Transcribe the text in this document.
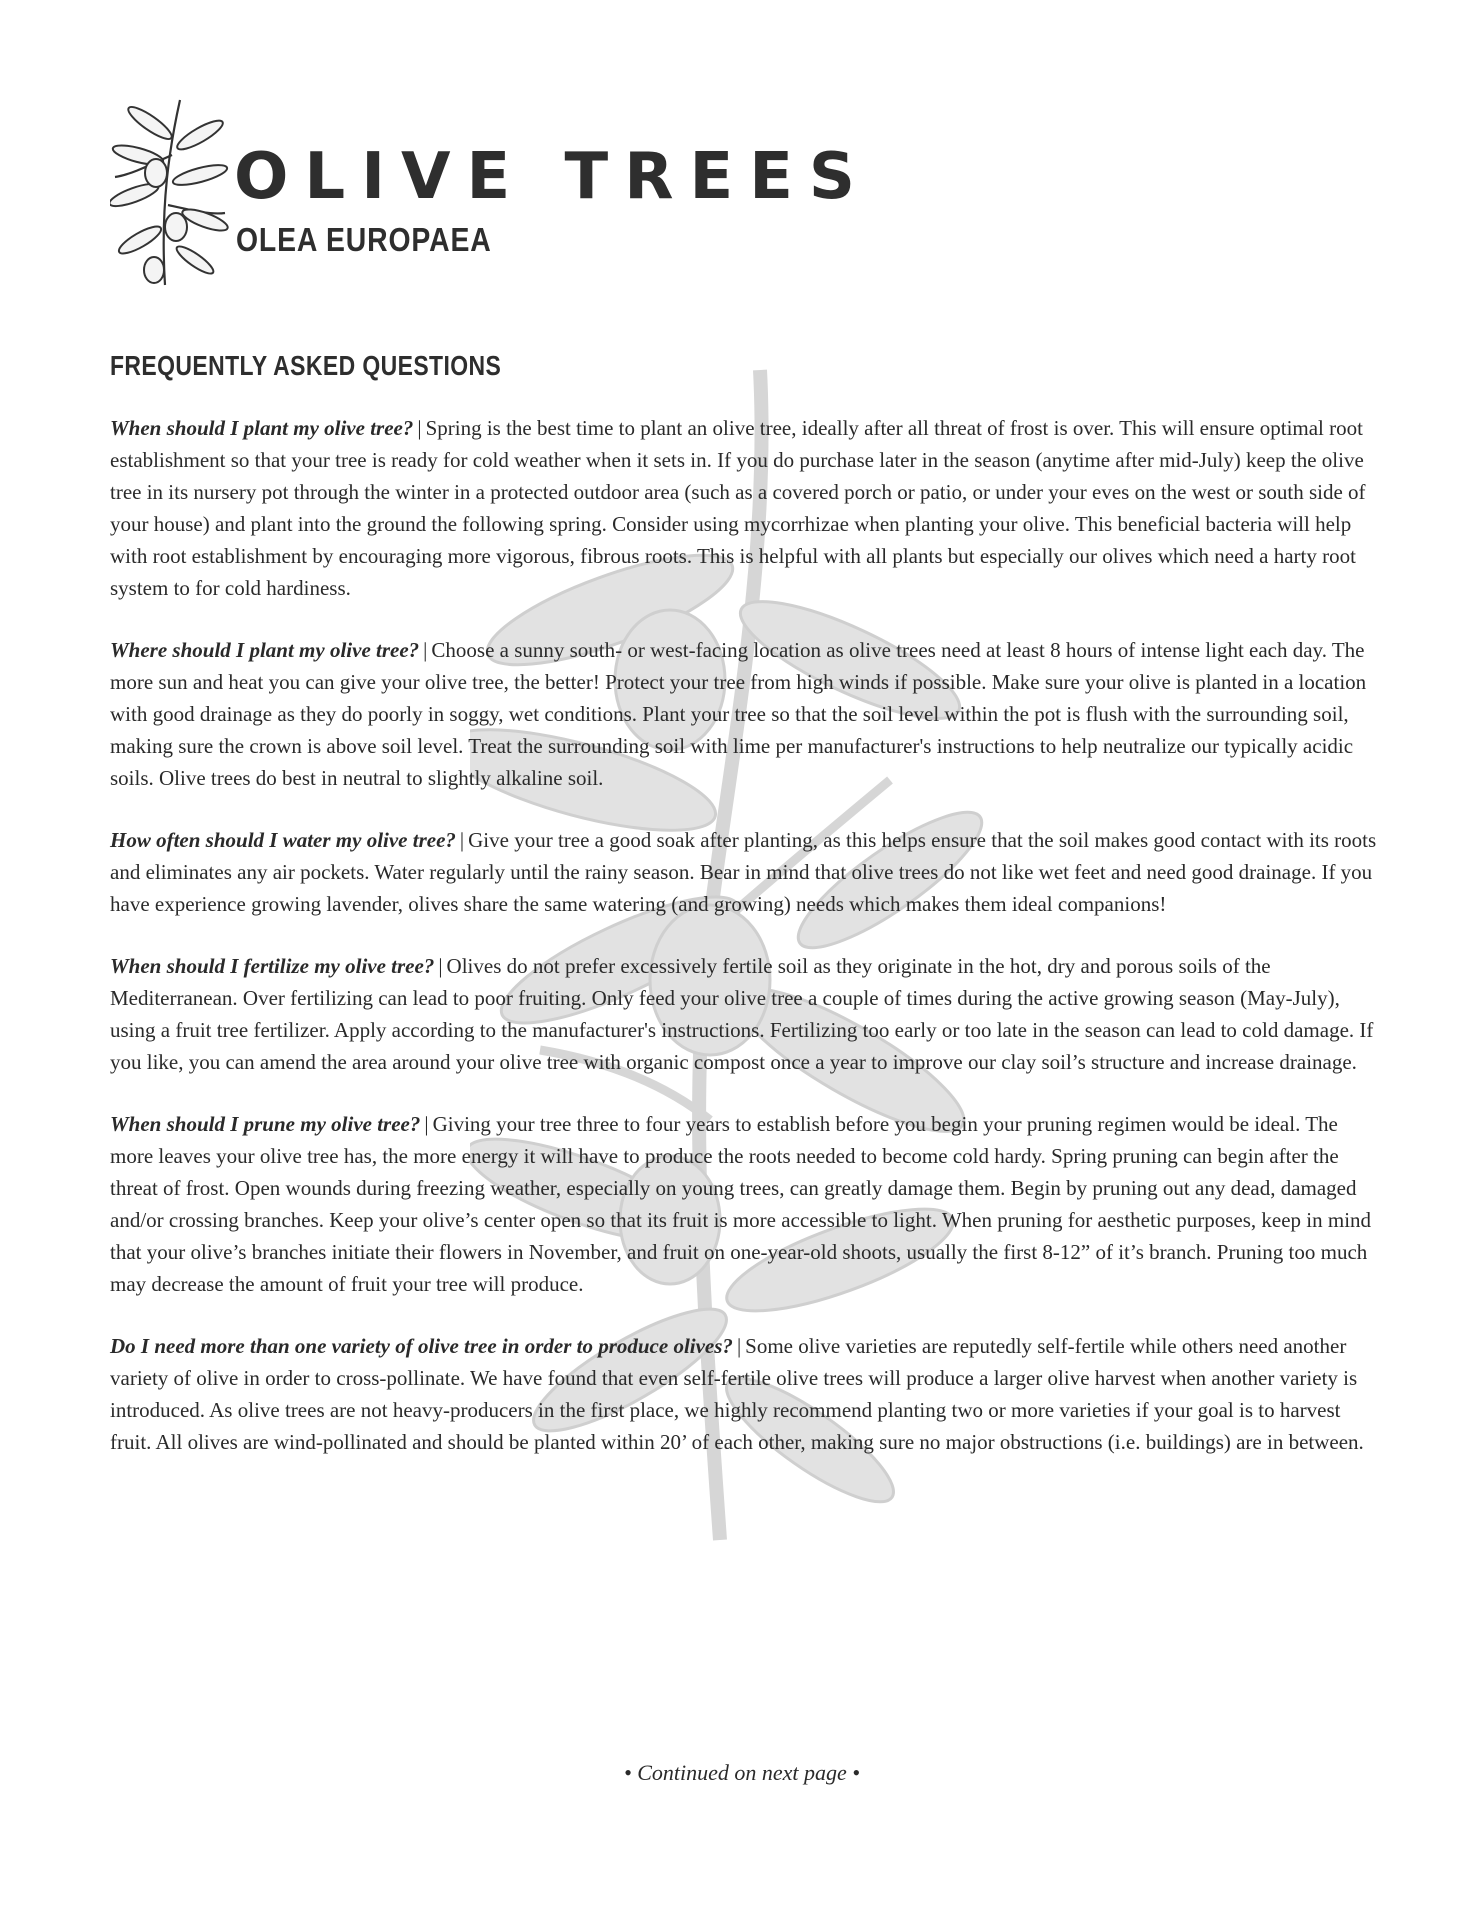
OLIVE TREES
OLEA EUROPAEA
FREQUENTLY ASKED QUESTIONS

When should I plant my olive tree? | Spring is the best time to plant an olive tree, ideally after all threat of frost is over. This will ensure optimal root establishment so that your tree is ready for cold weather when it sets in. If you do purchase later in the season (anytime after mid-July) keep the olive tree in its nursery pot through the winter in a protected outdoor area (such as a covered porch or patio, or under your eves on the west or south side of your house) and plant into the ground the following spring. Consider using mycorrhizae when planting your olive. This beneficial bacteria will help with root establishment by encouraging more vigorous, fibrous roots. This is helpful with all plants but especially our olives which need a harty root system to for cold hardiness.

Where should I plant my olive tree? | Choose a sunny south- or west-facing location as olive trees need at least 8 hours of intense light each day. The more sun and heat you can give your olive tree, the better! Protect your tree from high winds if possible. Make sure your olive is planted in a location with good drainage as they do poorly in soggy, wet conditions. Plant your tree so that the soil level within the pot is flush with the surrounding soil, making sure the crown is above soil level. Treat the surrounding soil with lime per manufacturer's instructions to help neutralize our typically acidic soils. Olive trees do best in neutral to slightly alkaline soil.

How often should I water my olive tree? | Give your tree a good soak after planting, as this helps ensure that the soil makes good contact with its roots and eliminates any air pockets. Water regularly until the rainy season. Bear in mind that olive trees do not like wet feet and need good drainage. If you have experience growing lavender, olives share the same watering (and growing) needs which makes them ideal companions!

When should I fertilize my olive tree? | Olives do not prefer excessively fertile soil as they originate in the hot, dry and porous soils of the Mediterranean. Over fertilizing can lead to poor fruiting. Only feed your olive tree a couple of times during the active growing season (May-July), using a fruit tree fertilizer. Apply according to the manufacturer's instructions. Fertilizing too early or too late in the season can lead to cold damage. If you like, you can amend the area around your olive tree with organic compost once a year to improve our clay soil’s structure and increase drainage.

When should I prune my olive tree? | Giving your tree three to four years to establish before you begin your pruning regimen would be ideal. The more leaves your olive tree has, the more energy it will have to produce the roots needed to become cold hardy. Spring pruning can begin after the threat of frost. Open wounds during freezing weather, especially on young trees, can greatly damage them. Begin by pruning out any dead, damaged and/or crossing branches. Keep your olive’s center open so that its fruit is more accessible to light. When pruning for aesthetic purposes, keep in mind that your olive’s branches initiate their flowers in November, and fruit on one-year-old shoots, usually the first 8-12” of it’s branch. Pruning too much may decrease the amount of fruit your tree will produce.

Do I need more than one variety of olive tree in order to produce olives? | Some olive varieties are reputedly self-fertile while others need another variety of olive in order to cross-pollinate. We have found that even self-fertile olive trees will produce a larger olive harvest when another variety is introduced. As olive trees are not heavy-producers in the first place, we highly recommend planting two or more varieties if your goal is to harvest fruit. All olives are wind-pollinated and should be planted within 20’ of each other, making sure no major obstructions (i.e. buildings) are in between.

• Continued on next page •
